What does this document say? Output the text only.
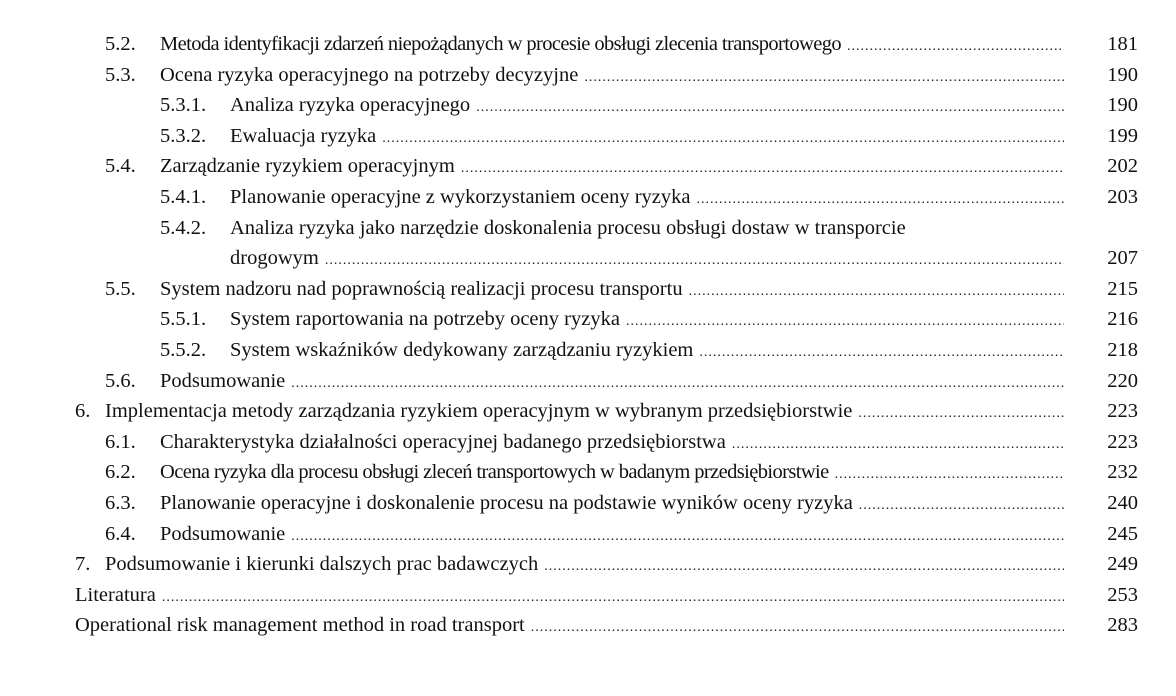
5.2.	Metoda identyfikacji zdarzeń niepożądanych w procesie obsługi zlecenia transportowego .....	181
5.3.	Ocena ryzyka operacyjnego na potrzeby decyzyjne .....	190
5.3.1.	Analiza ryzyka operacyjnego .....	190
5.3.2.	Ewaluacja ryzyka .....	199
5.4.	Zarządzanie ryzykiem operacyjnym .....	202
5.4.1.	Planowanie operacyjne z wykorzystaniem oceny ryzyka .....	203
5.4.2.	Analiza ryzyka jako narzędzie doskonalenia procesu obsługi dostaw w transporcie
drogowym .....	207
5.5.	System nadzoru nad poprawnością realizacji procesu transportu .....	215
5.5.1.	System raportowania na potrzeby oceny ryzyka .....	216
5.5.2.	System wskaźników dedykowany zarządzaniu ryzykiem .....	218
5.6.	Podsumowanie .....	220
6. Implementacja metody zarządzania ryzykiem operacyjnym w wybranym przedsiębiorstwie .....	223
6.1.	Charakterystyka działalności operacyjnej badanego przedsiębiorstwa .....	223
6.2.	Ocena ryzyka dla procesu obsługi zleceń transportowych w badanym przedsiębiorstwie .....	232
6.3.	Planowanie operacyjne i doskonalenie procesu na podstawie wyników oceny ryzyka .....	240
6.4.	Podsumowanie .....	245
7. Podsumowanie i kierunki dalszych prac badawczych .....	249
Literatura .....	253
Operational risk management method in road transport .....	283
